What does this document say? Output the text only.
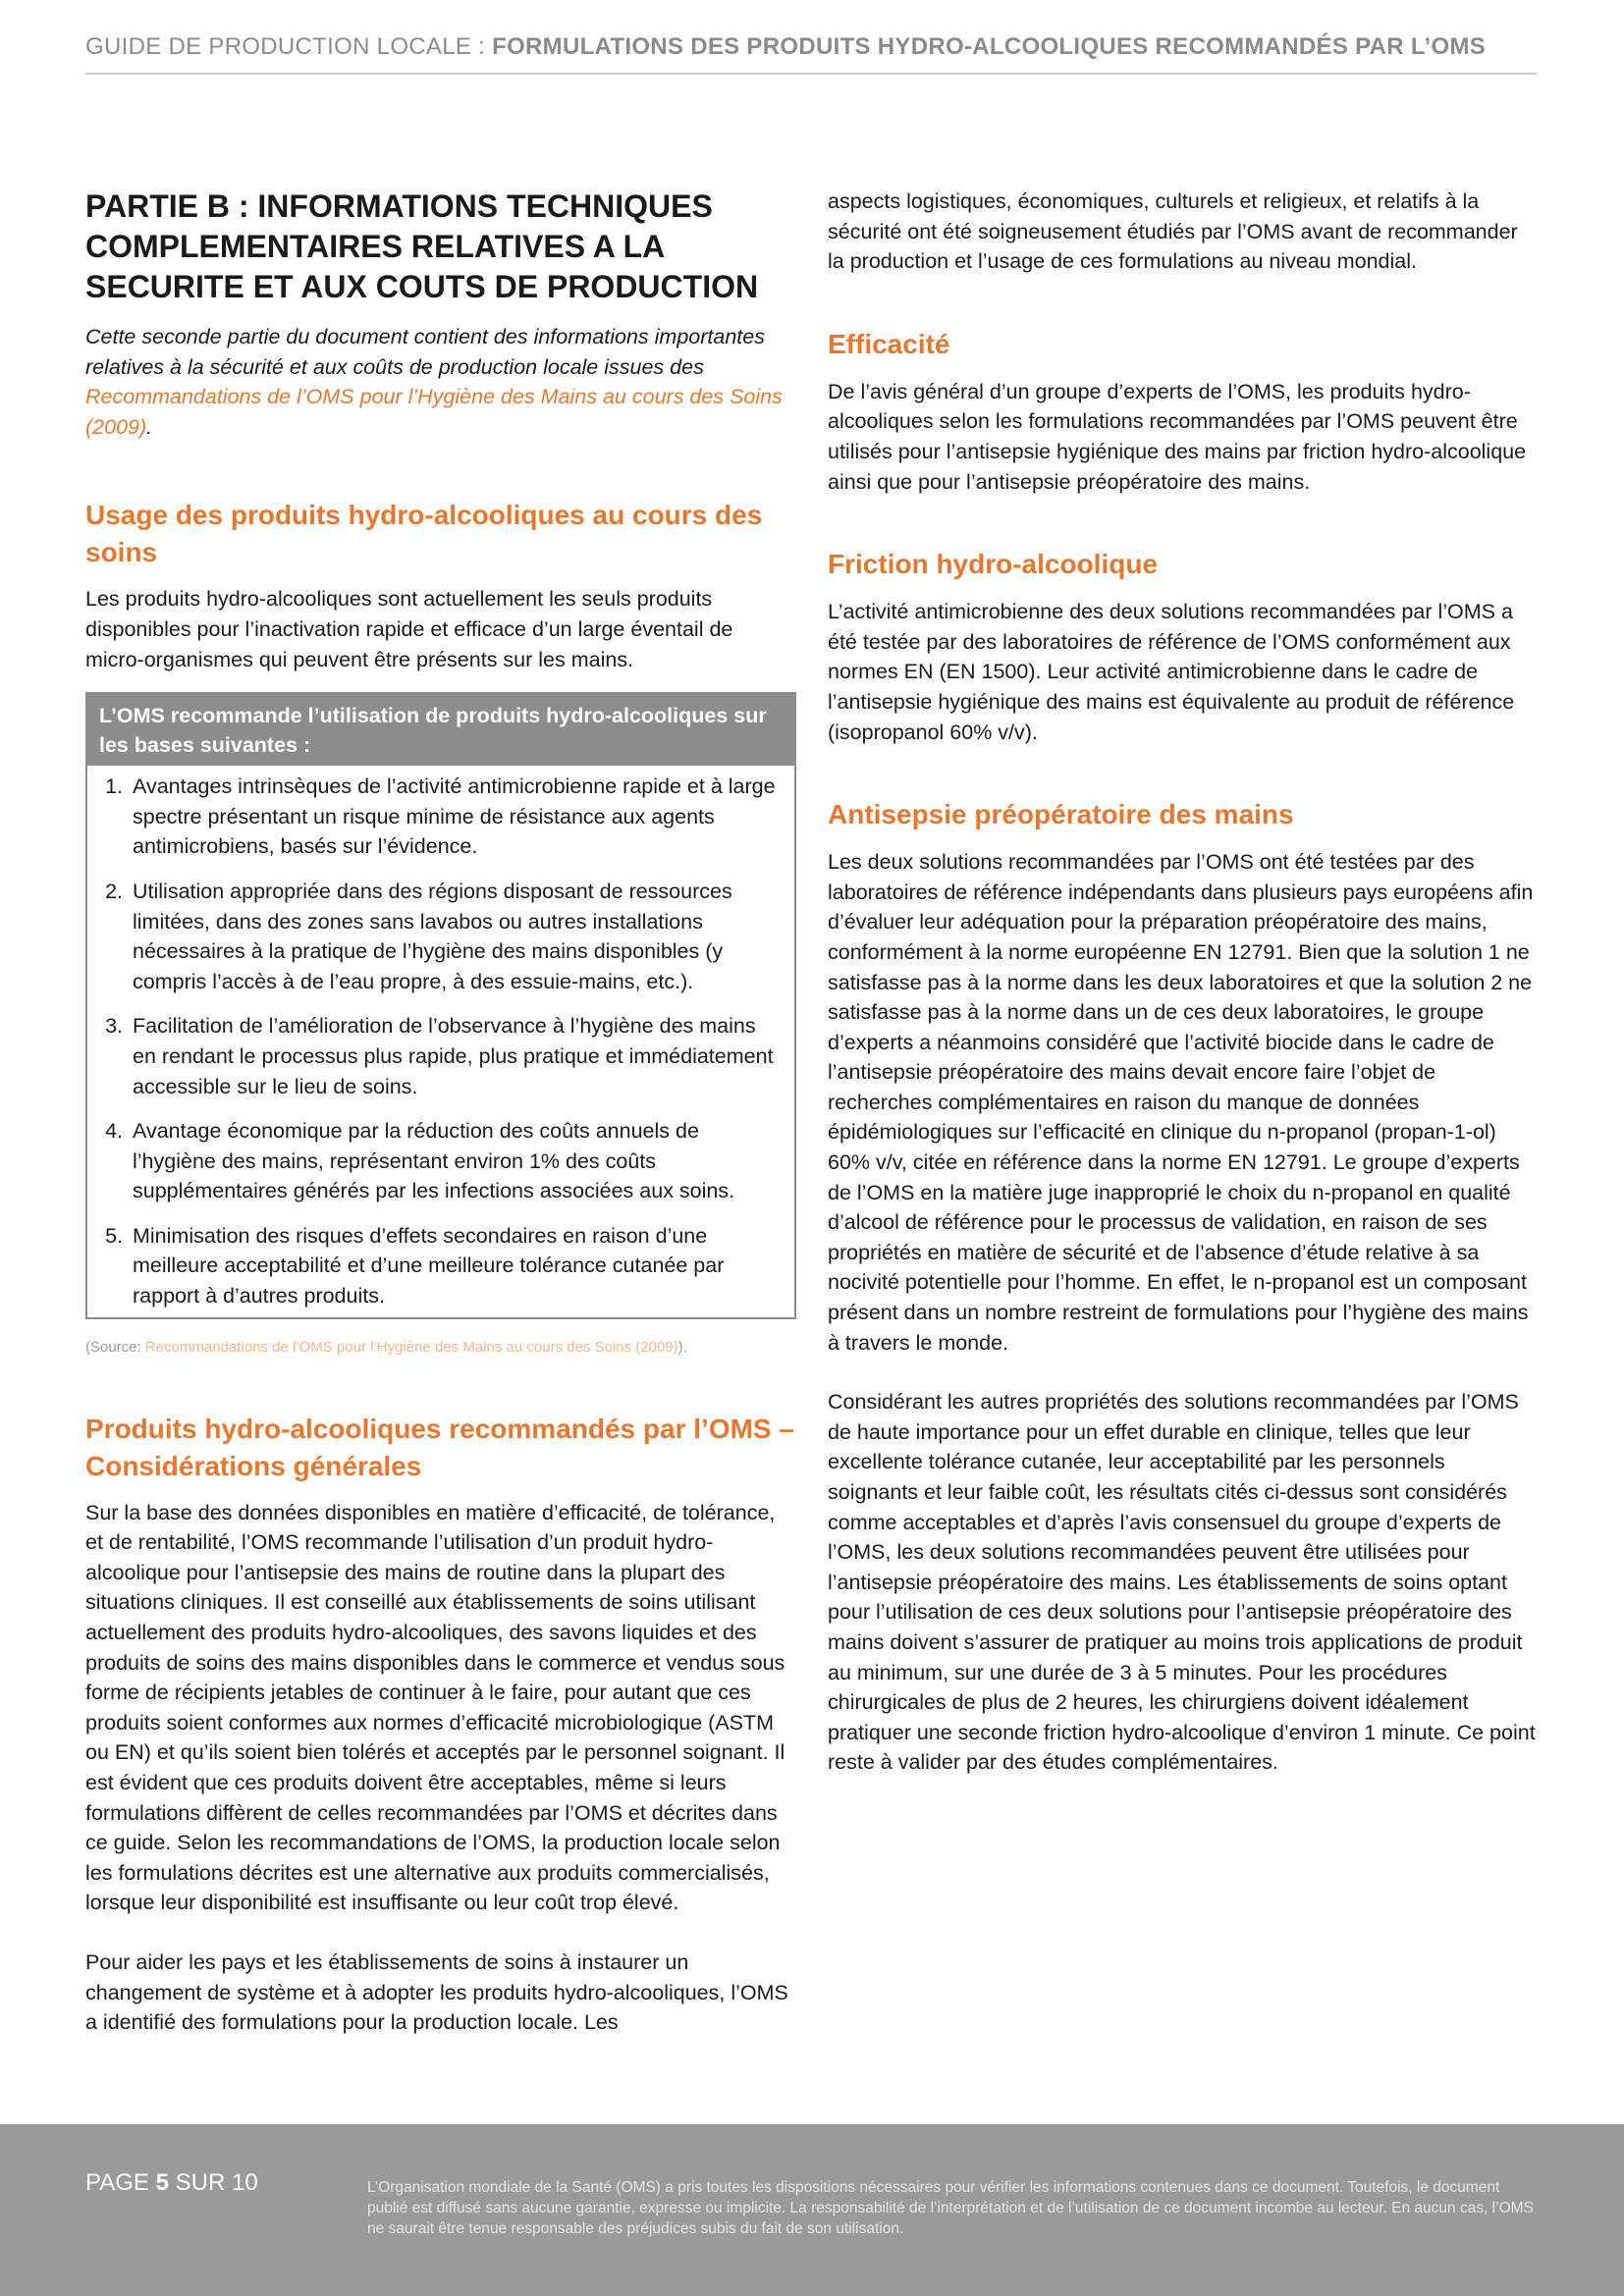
GUIDE DE PRODUCTION LOCALE : FORMULATIONS DES PRODUITS HYDRO-ALCOOLIQUES RECOMMANDÉS PAR L’OMS
PARTIE B : INFORMATIONS TECHNIQUES COMPLEMENTAIRES RELATIVES A LA SECURITE ET AUX COUTS DE PRODUCTION

Cette seconde partie du document contient des informations importantes relatives à la sécurité et aux coûts de production locale issues des Recommandations de l’OMS pour l’Hygiène des Mains au cours des Soins (2009).

Usage des produits hydro-alcooliques au cours des soins

Les produits hydro-alcooliques sont actuellement les seuls produits disponibles pour l’inactivation rapide et efficace d’un large éventail de micro-organismes qui peuvent être présents sur les mains.

L’OMS recommande l’utilisation de produits hydro-alcooliques sur les bases suivantes :
1. Avantages intrinsèques de l’activité antimicrobienne rapide et à large spectre présentant un risque minime de résistance aux agents antimicrobiens, basés sur l’évidence.
2. Utilisation appropriée dans des régions disposant de ressources limitées, dans des zones sans lavabos ou autres installations nécessaires à la pratique de l’hygiène des mains disponibles (y compris l’accès à de l’eau propre, à des essuie-mains, etc.).
3. Facilitation de l’amélioration de l’observance à l’hygiène des mains en rendant le processus plus rapide, plus pratique et immédiatement accessible sur le lieu de soins.
4. Avantage économique par la réduction des coûts annuels de l’hygiène des mains, représentant environ 1% des coûts supplémentaires générés par les infections associées aux soins.
5. Minimisation des risques d’effets secondaires en raison d’une meilleure acceptabilité et d’une meilleure tolérance cutanée par rapport à d’autres produits.
(Source: Recommandations de l’OMS pour l’Hygiène des Mains au cours des Soins (2009)).
Produits hydro-alcooliques recommandés par l’OMS – Considérations générales

Sur la base des données disponibles en matière d’efficacité, de tolérance, et de rentabilité, l’OMS recommande l’utilisation d’un produit hydro-alcoolique pour l’antisepsie des mains de routine dans la plupart des situations cliniques. Il est conseillé aux établissements de soins utilisant actuellement des produits hydro-alcooliques, des savons liquides et des produits de soins des mains disponibles dans le commerce et vendus sous forme de récipients jetables de continuer à le faire, pour autant que ces produits soient conformes aux normes d’efficacité microbiologique (ASTM ou EN) et qu’ils soient bien tolérés et acceptés par le personnel soignant. Il est évident que ces produits doivent être acceptables, même si leurs formulations diffèrent de celles recommandées par l’OMS et décrites dans ce guide. Selon les recommandations de l’OMS, la production locale selon les formulations décrites est une alternative aux produits commercialisés, lorsque leur disponibilité est insuffisante ou leur coût trop élevé.

Pour aider les pays et les établissements de soins à instaurer un changement de système et à adopter les produits hydro-alcooliques, l’OMS a identifié des formulations pour la production locale. Les

aspects logistiques, économiques, culturels et religieux, et relatifs à la sécurité ont été soigneusement étudiés par l’OMS avant de recommander la production et l’usage de ces formulations au niveau mondial.

Efficacité

De l’avis général d’un groupe d’experts de l’OMS, les produits hydro-alcooliques selon les formulations recommandées par l’OMS peuvent être utilisés pour l’antisepsie hygiénique des mains par friction hydro-alcoolique ainsi que pour l’antisepsie préopératoire des mains.

Friction hydro-alcoolique

L’activité antimicrobienne des deux solutions recommandées par l’OMS a été testée par des laboratoires de référence de l’OMS conformément aux normes EN (EN 1500). Leur activité antimicrobienne dans le cadre de l’antisepsie hygiénique des mains est équivalente au produit de référence (isopropanol 60% v/v).

Antisepsie préopératoire des mains

Les deux solutions recommandées par l’OMS ont été testées par des laboratoires de référence indépendants dans plusieurs pays européens afin d’évaluer leur adéquation pour la préparation préopératoire des mains, conformément à la norme européenne EN 12791. Bien que la solution 1 ne satisfasse pas à la norme dans les deux laboratoires et que la solution 2 ne satisfasse pas à la norme dans un de ces deux laboratoires, le groupe d’experts a néanmoins considéré que l’activité biocide dans le cadre de l’antisepsie préopératoire des mains devait encore faire l’objet de recherches complémentaires en raison du manque de données épidémiologiques sur l’efficacité en clinique du n-propanol (propan-1-ol) 60% v/v, citée en référence dans la norme EN 12791. Le groupe d’experts de l’OMS en la matière juge inapproprié le choix du n-propanol en qualité d’alcool de référence pour le processus de validation, en raison de ses propriétés en matière de sécurité et de l’absence d’étude relative à sa nocivité potentielle pour l’homme. En effet, le n-propanol est un composant présent dans un nombre restreint de formulations pour l’hygiène des mains à travers le monde.

Considérant les autres propriétés des solutions recommandées par l’OMS de haute importance pour un effet durable en clinique, telles que leur excellente tolérance cutanée, leur acceptabilité par les personnels soignants et leur faible coût, les résultats cités ci-dessus sont considérés comme acceptables et d’après l’avis consensuel du groupe d’experts de l’OMS, les deux solutions recommandées peuvent être utilisées pour l’antisepsie préopératoire des mains. Les établissements de soins optant pour l’utilisation de ces deux solutions pour l’antisepsie préopératoire des mains doivent s’assurer de pratiquer au moins trois applications de produit au minimum, sur une durée de 3 à 5 minutes. Pour les procédures chirurgicales de plus de 2 heures, les chirurgiens doivent idéalement pratiquer une seconde friction hydro-alcoolique d’environ 1 minute. Ce point reste à valider par des études complémentaires.

PAGE 5 SUR 10	L’Organisation mondiale de la Santé (OMS) a pris toutes les dispositions nécessaires pour vérifier les informations contenues dans ce document. Toutefois, le document publié est diffusé sans aucune garantie, expresse ou implicite. La responsabilité de l’interprétation et de l’utilisation de ce document incombe au lecteur. En aucun cas, l’OMS ne saurait être tenue responsable des préjudices subis du fait de son utilisation.
